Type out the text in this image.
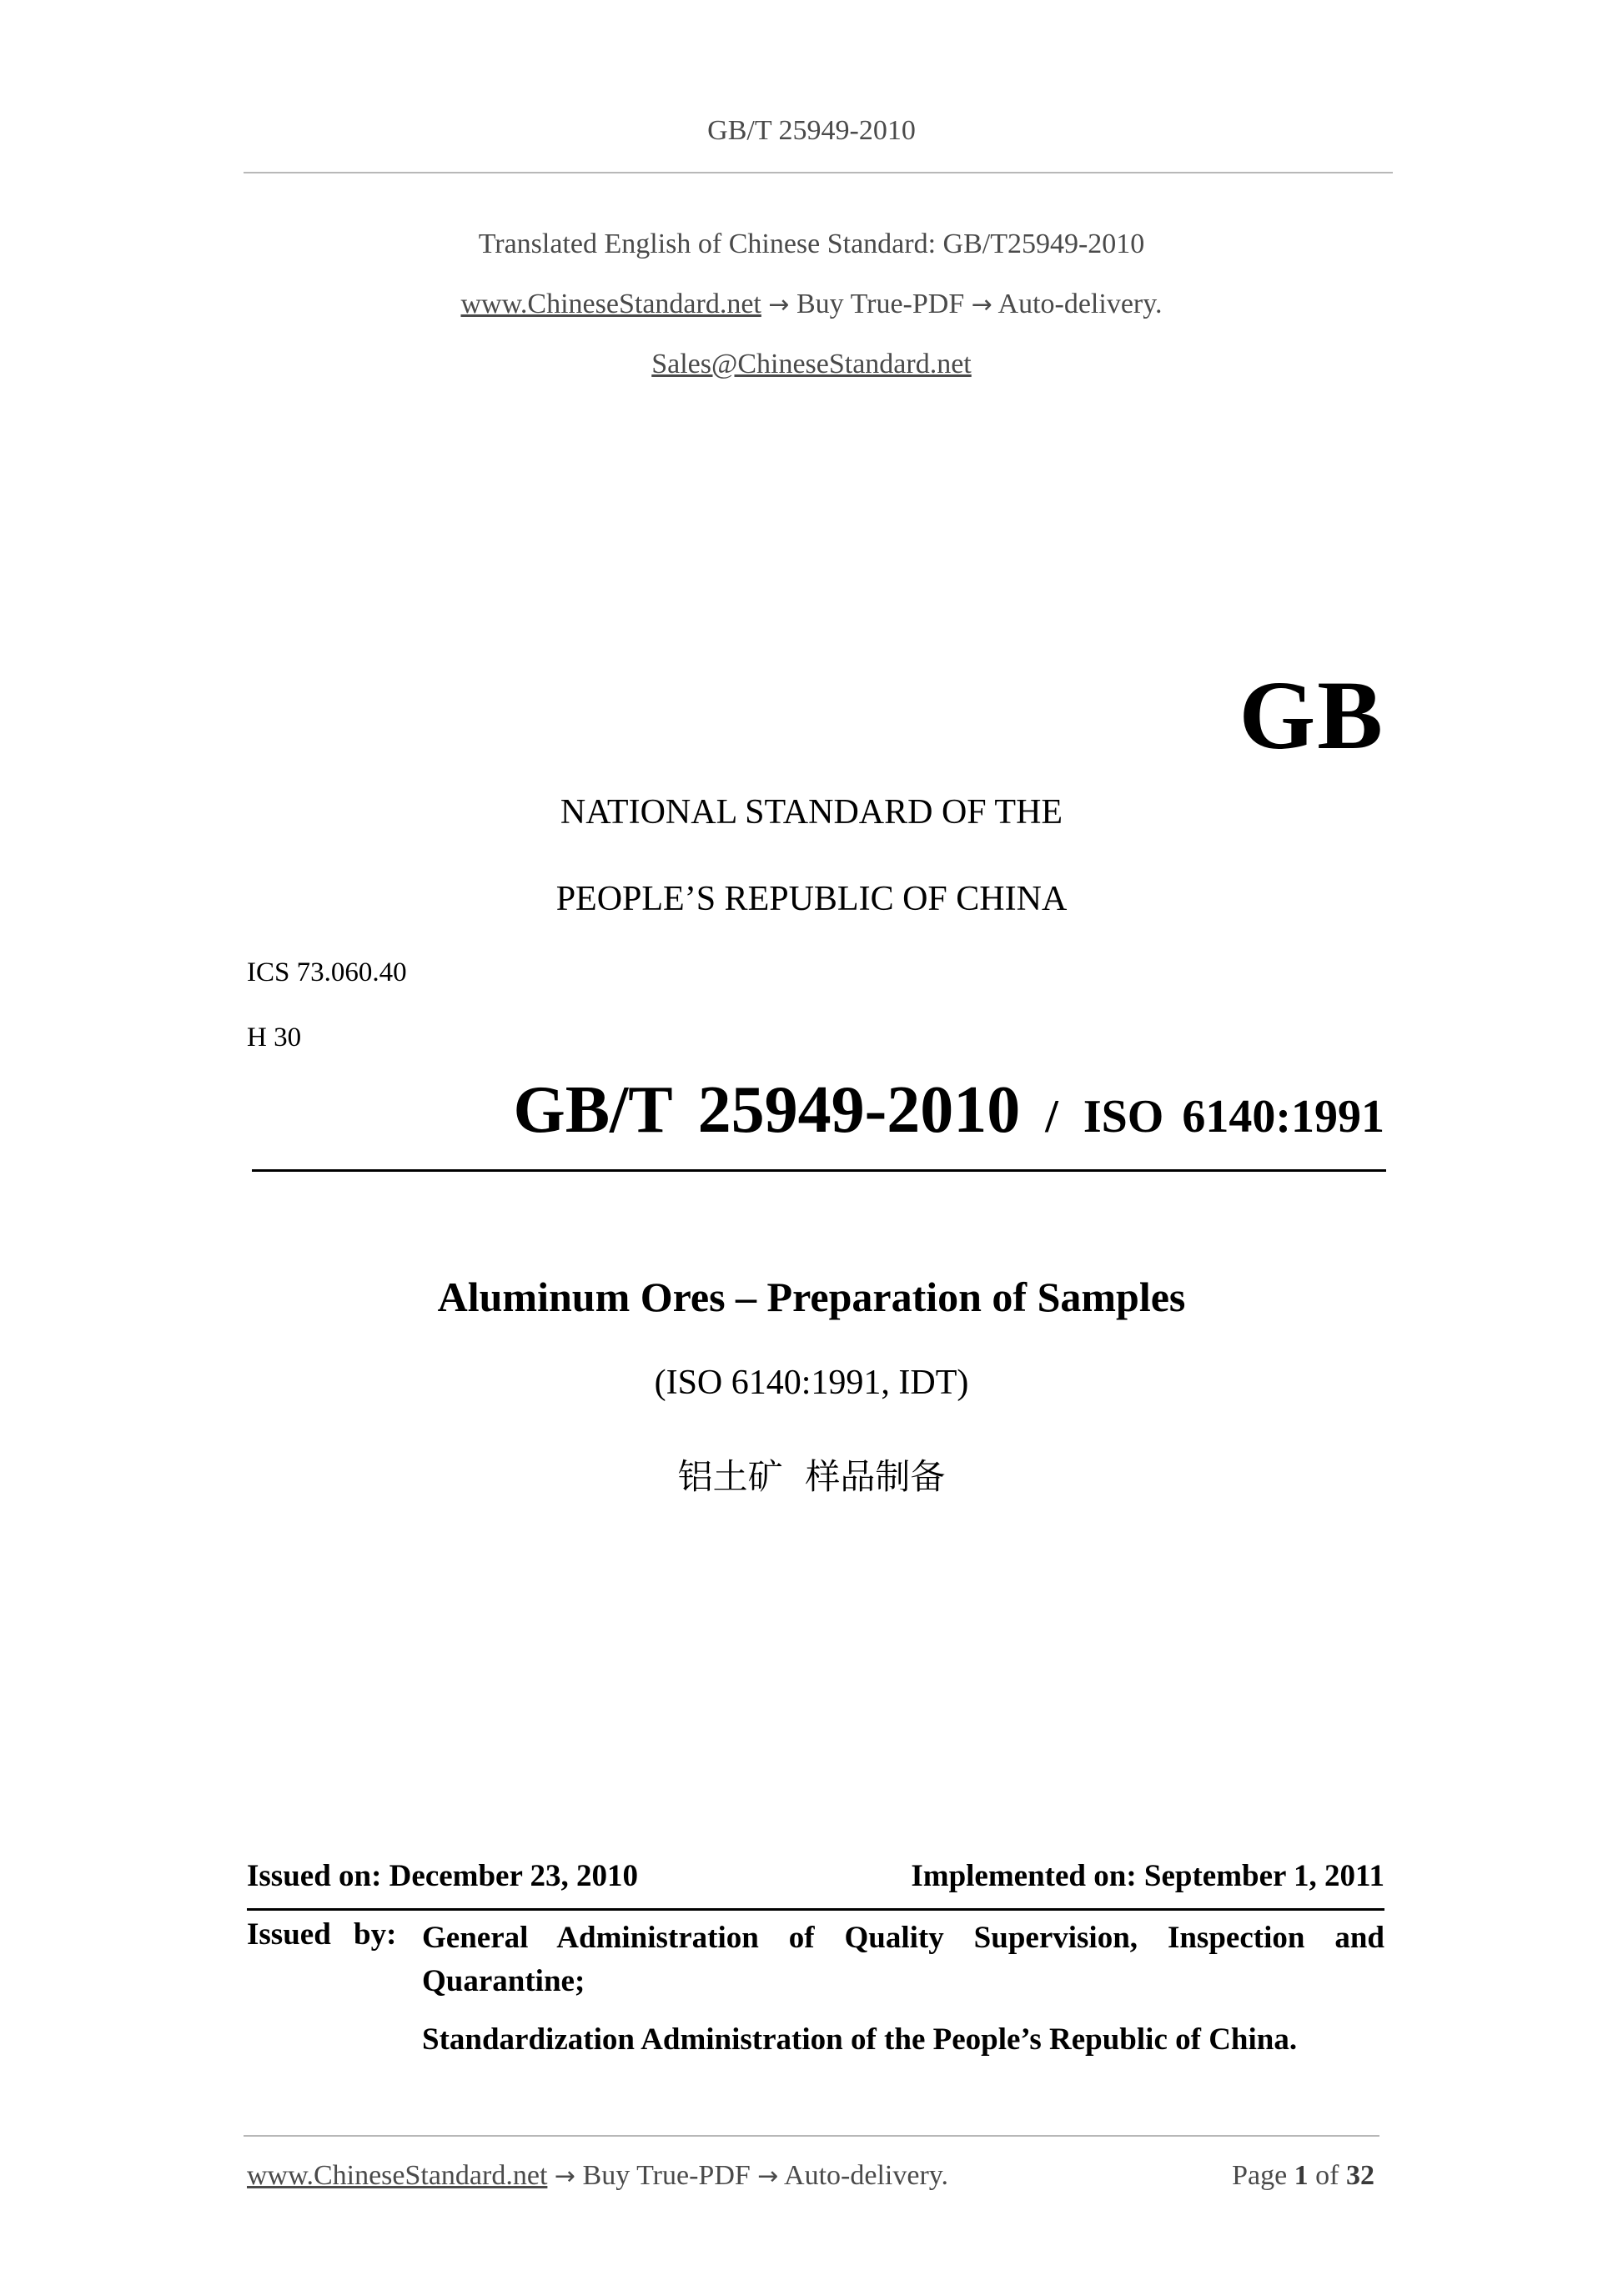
GB/T 25949-2010
Translated English of Chinese Standard: GB/T25949-2010
www.ChineseStandard.net → Buy True-PDF → Auto-delivery.
Sales@ChineseStandard.net
GB
NATIONAL STANDARD OF THE
PEOPLE’S REPUBLIC OF CHINA
ICS 73.060.40
H 30
GB/T 25949-2010 / ISO 6140:1991
Aluminum Ores – Preparation of Samples
(ISO 6140:1991, IDT)
铝土矿  样品制备
Issued on: December 23, 2010	Implemented on: September 1, 2011
Issued by: General Administration of Quality Supervision, Inspection and Quarantine;
Standardization Administration of the People’s Republic of China.
www.ChineseStandard.net → Buy True-PDF → Auto-delivery.	Page 1 of 32
